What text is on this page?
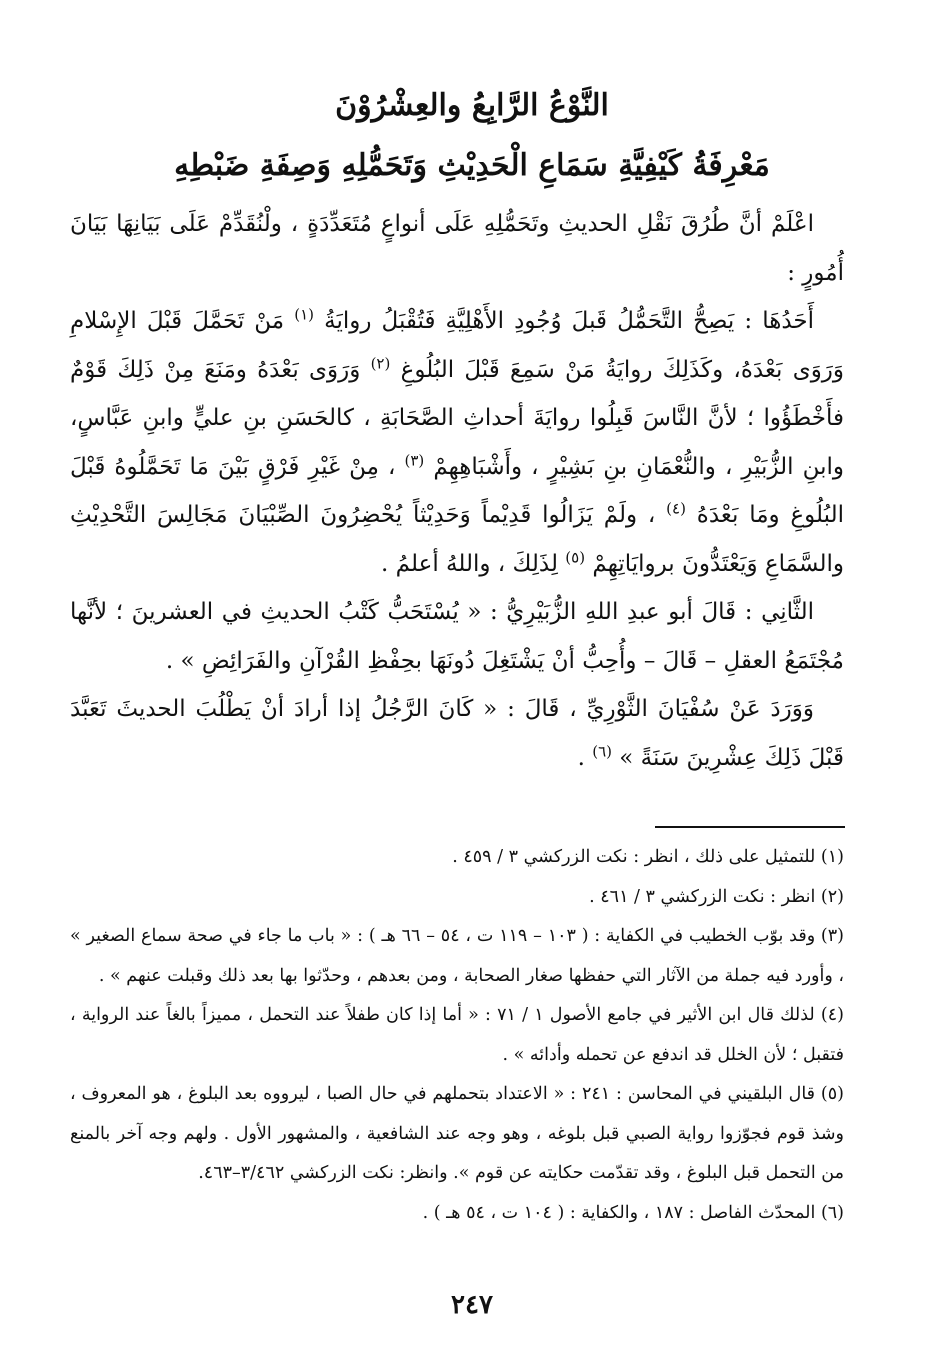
النَّوْعُ الرَّابِعُ والعِشْرُوْنَ
مَعْرِفَةُ كَيْفِيَّةِ سَمَاعِ الْحَدِيْثِ وَتَحَمُّلِهِ وَصِفَةِ ضَبْطِهِ

اعْلَمْ أنَّ طُرُقَ نَقْلِ الحديثِ وتَحَمُّلِهِ عَلَى أنواعٍ مُتَعَدِّدَةٍ ، ولْنُقَدِّمْ عَلَى بَيَانِهَا بَيَانَ أُمُورٍ :

أَحَدُهَا : يَصِحُّ التَّحَمُّلُ قَبلَ وُجُودِ الأَهْلِيَّةِ فَتُقْبَلُ روايَةُ $^{(١)}$ مَنْ تَحَمَّلَ قَبْلَ الإِسْلامِ وَرَوَى بَعْدَهُ، وكَذَلِكَ روايَةُ مَنْ سَمِعَ قَبْلَ البُلُوغِ $^{(٢)}$ وَرَوَى بَعْدَهُ ومَنَعَ مِنْ ذَلِكَ قَوْمٌ فأَخْطَؤُوا ؛ لأنَّ النَّاسَ قَبِلُوا روايَةَ أحداثِ الصَّحَابَةِ ، كالحَسَنِ بنِ عليٍّ وابنِ عَبَّاسٍ، وابنِ الزُّبَيْرِ ، والنُّعْمَانِ بنِ بَشِيْرٍ ، وأَشْبَاهِهِمْ $^{(٣)}$ ، مِنْ غَيْرِ فَرْقٍ بَيْنَ مَا تَحَمَّلُوهُ قَبْلَ البُلُوغِ ومَا بَعْدَهُ $^{(٤)}$ ، ولَمْ يَزَالُوا قَدِيْماً وَحَدِيْثاً يُحْضِرُونَ الصِّبْيَانَ مَجَالِسَ التَّحْدِيْثِ والسَّمَاعِ وَيَعْتَدُّونَ بروايَاتِهِمْ $^{(٥)}$ لِذَلِكَ ، واللهُ أعلمُ .

الثَّانِي : قَالَ أبو عبدِ اللهِ الزُّبَيْرِيُّ : « يُسْتَحَبُّ كَتْبُ الحديثِ في العشرينَ ؛ لأنَّها مُجْتَمَعُ العقلِ – قَالَ – وأُحِبُّ أنْ يَشْتَغِلَ دُونَهَا بحِفْظِ القُرْآنِ والفَرَائِضِ » .

وَوَرَدَ عَنْ سُفْيَانَ الثَّوْرِيِّ ، قَالَ : « كَانَ الرَّجُلُ إذا أرادَ أنْ يَطْلُبَ الحديثَ تَعَبَّدَ قَبْلَ ذَلِكَ عِشْرِينَ سَنَةً » $^{(٦)}$ .

(١) للتمثيل على ذلك ، انظر : نكت الزركشي ٣ / ٤٥٩ .

(٢) انظر : نكت الزركشي ٣ / ٤٦١ .

(٣) وقد بوّب الخطيب في الكفاية : ( ١٠٣ – ١١٩ ت ، ٥٤ – ٦٦ هـ ) : « باب ما جاء في صحة سماع الصغير » ، وأورد فيه جملة من الآثار التي حفظها صغار الصحابة ، ومن بعدهم ، وحدّثوا بها بعد ذلك وقبلت عنهم » .

(٤) لذلك قال ابن الأثير في جامع الأصول ١ / ٧١ : « أما إذا كان طفلاً عند التحمل ، مميزاً بالغاً عند الرواية ، فتقبل ؛ لأن الخلل قد اندفع عن تحمله وأدائه » .

(٥) قال البلقيني في المحاسن : ٢٤١ : « الاعتداد بتحملهم في حال الصبا ، ليرووه بعد البلوغ ، هو المعروف ، وشذ قوم فجوّزوا رواية الصبي قبل بلوغه ، وهو وجه عند الشافعية ، والمشهور الأول . ولهم وجه آخر بالمنع من التحمل قبل البلوغ ، وقد تقدّمت حكايته عن قوم ». وانظر: نكت الزركشي ٣/٤٦٢–٤٦٣.

(٦) المحدّث الفاصل : ١٨٧ ، والكفاية : ( ١٠٤ ت ، ٥٤ هـ ) .

٢٤٧
